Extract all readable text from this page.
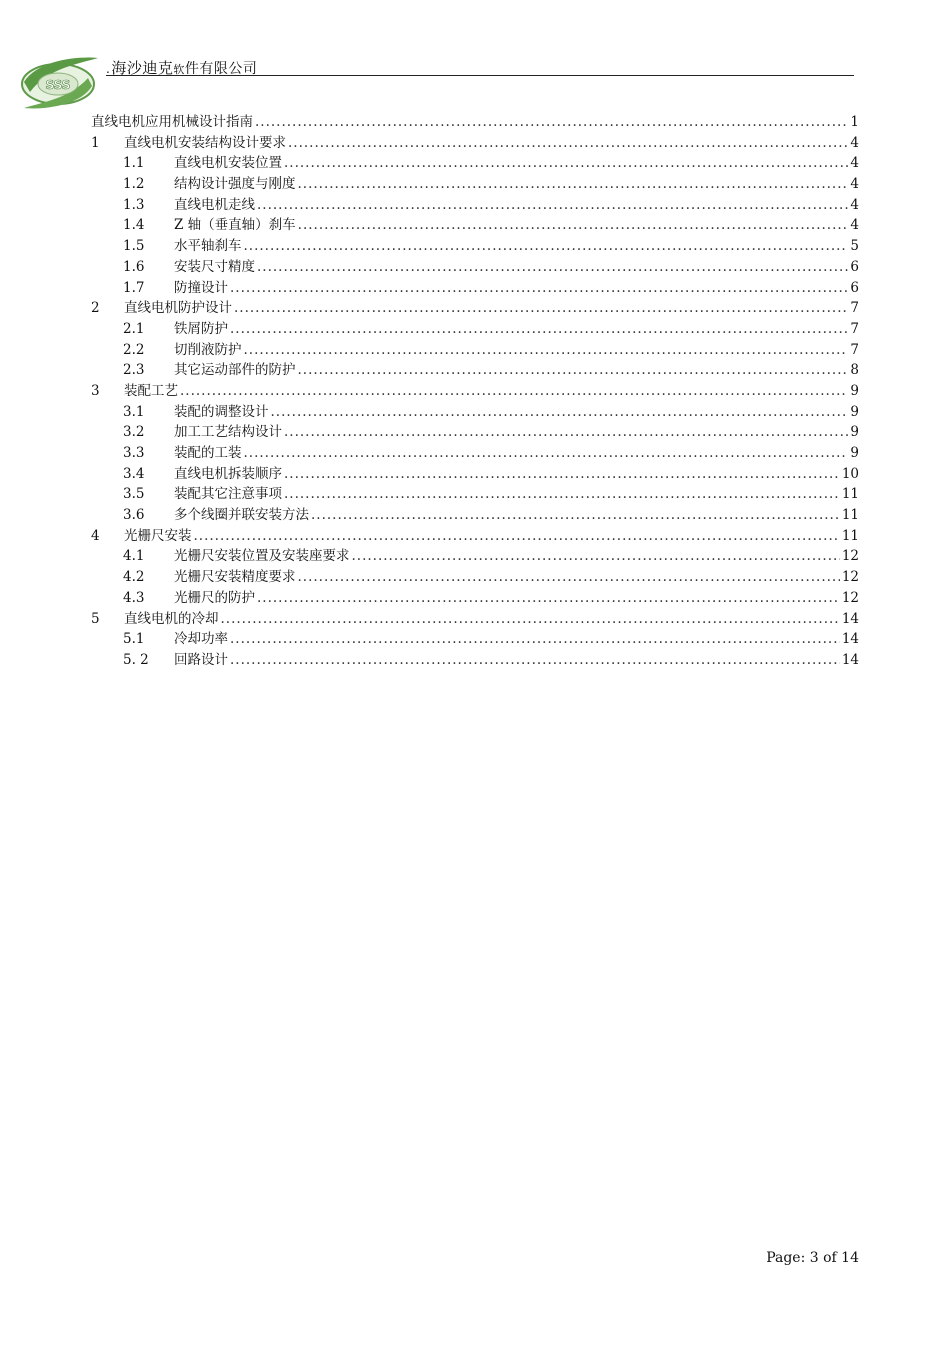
SSS
.海沙迪克软件有限公司
直线电机应用机械设计指南 .....	1
1	直线电机安装结构设计要求 .....	4
1.1	直线电机安装位置 .....	4
1.2	结构设计强度与刚度 .....	4
1.3	直线电机走线 .....	4
1.4	Z 轴（垂直轴）刹车 .....	4
1.5	水平轴刹车 .....	5
1.6	安装尺寸精度 .....	6
1.7	防撞设计 .....	6
2	直线电机防护设计 .....	7
2.1	铁屑防护 .....	7
2.2	切削液防护 .....	7
2.3	其它运动部件的防护 .....	8
3	装配工艺 .....	9
3.1	装配的调整设计 .....	9
3.2	加工工艺结构设计 .....	9
3.3	装配的工装 .....	9
3.4	直线电机拆装顺序 .....	10
3.5	装配其它注意事项 .....	11
3.6	多个线圈并联安装方法 .....	11
4	光栅尺安装 .....	11
4.1	光栅尺安装位置及安装座要求 .....	12
4.2	光栅尺安装精度要求 .....	12
4.3	光栅尺的防护 .....	12
5	直线电机的冷却 .....	14
5.1	冷却功率 .....	14
5. 2	回路设计 .....	14
Page: 3 of 14
